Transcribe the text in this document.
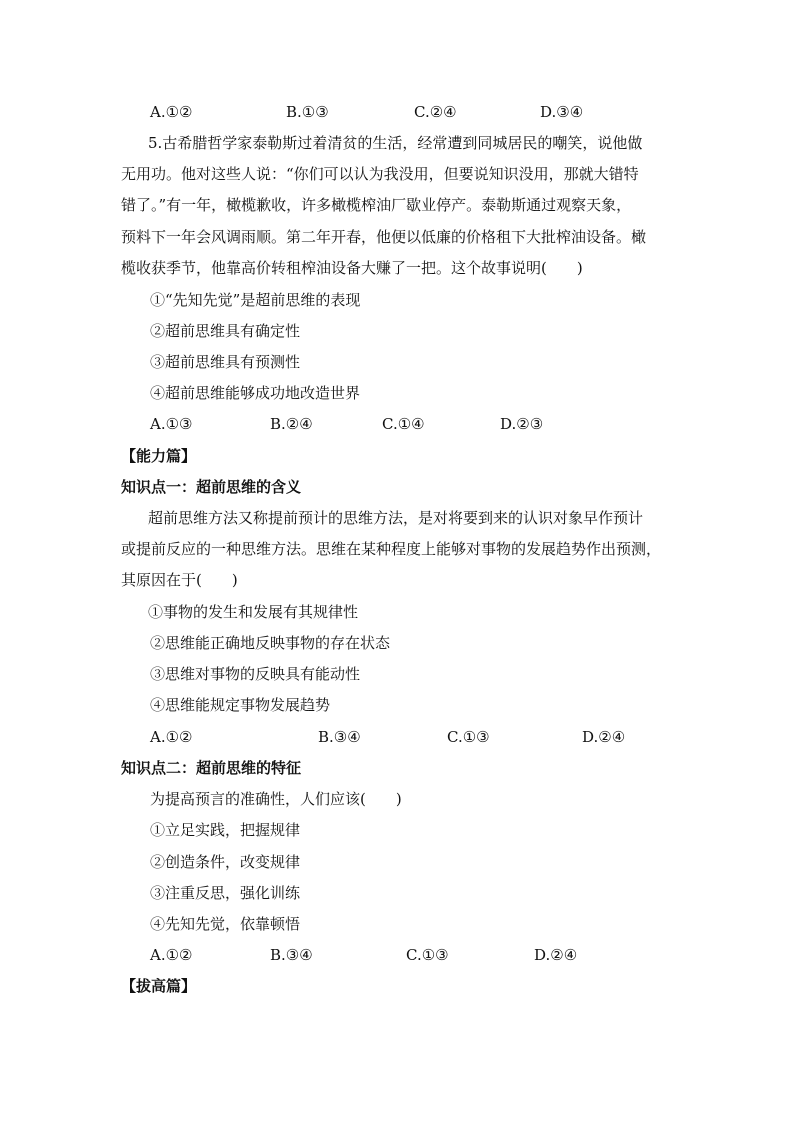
A.①②	B.①③	C.②④	D.③④
5.古希腊哲学家泰勒斯过着清贫的生活，经常遭到同城居民的嘲笑，说他做
无用功。他对这些人说：“你们可以认为我没用，但要说知识没用，那就大错特
错了。”有一年，橄榄歉收，许多橄榄榨油厂歇业停产。泰勒斯通过观察天象，
预料下一年会风调雨顺。第二年开春，他便以低廉的价格租下大批榨油设备。橄
榄收获季节，他靠高价转租榨油设备大赚了一把。这个故事说明(　　)
①“先知先觉”是超前思维的表现
②超前思维具有确定性
③超前思维具有预测性
④超前思维能够成功地改造世界
A.①③	B.②④	C.①④	D.②③
【能力篇】
知识点一：超前思维的含义
超前思维方法又称提前预计的思维方法，是对将要到来的认识对象早作预计
或提前反应的一种思维方法。思维在某种程度上能够对事物的发展趋势作出预测，
其原因在于(　　)
①事物的发生和发展有其规律性
②思维能正确地反映事物的存在状态
③思维对事物的反映具有能动性
④思维能规定事物发展趋势
A.①②	B.③④	C.①③	D.②④
知识点二：超前思维的特征
为提高预言的准确性，人们应该(　　)
①立足实践，把握规律
②创造条件，改变规律
③注重反思，强化训练
④先知先觉，依靠顿悟
A.①②	B.③④	C.①③	D.②④
【拔高篇】
